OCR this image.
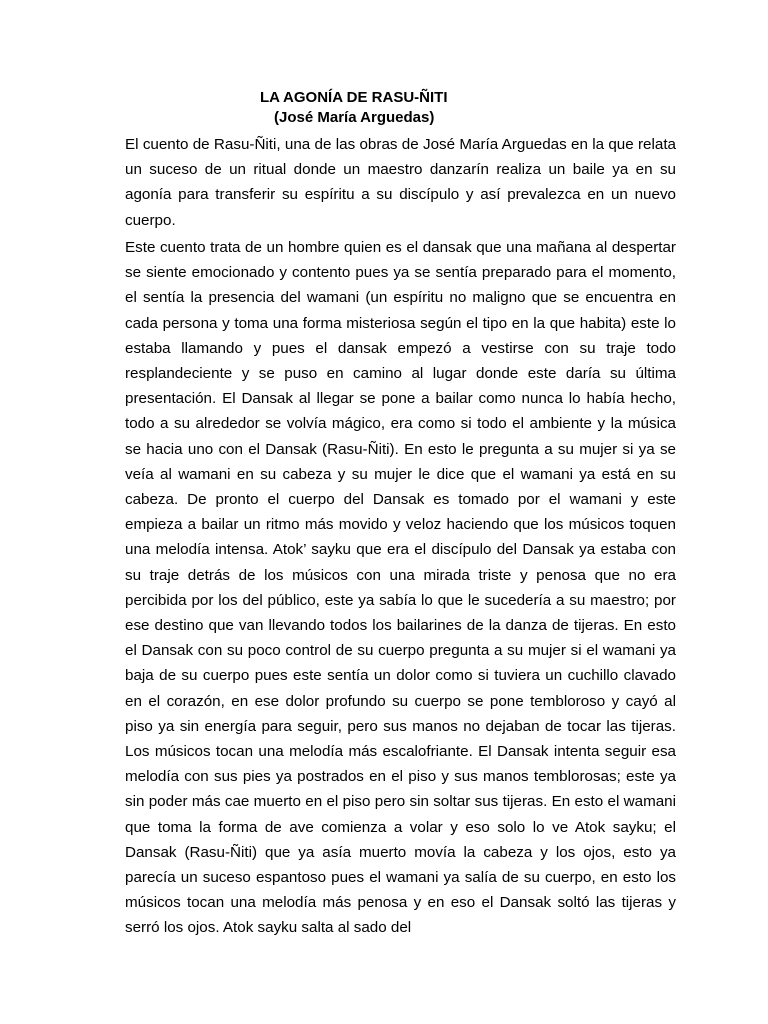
LA AGONÍA DE RASU-ÑITI
(José María Arguedas)

El cuento de Rasu-Ñiti, una de las obras de José María Arguedas en la que relata un suceso de un ritual donde un maestro danzarín realiza un baile ya en su agonía para transferir su espíritu a su discípulo y así prevalezca en un nuevo cuerpo.

Este cuento trata de un hombre quien es el dansak que una mañana al despertar se siente emocionado y contento pues ya se sentía preparado para el momento, el sentía la presencia del wamani (un espíritu no maligno que se encuentra en cada persona y toma una forma misteriosa según el tipo en la que habita) este lo estaba llamando y pues el dansak empezó a vestirse con su traje todo resplandeciente y se puso en camino al lugar donde este daría su última presentación. El Dansak al llegar se pone a bailar como nunca lo había hecho, todo a su alrededor se volvía mágico, era como si todo el ambiente y la música se hacia uno con el Dansak (Rasu-Ñiti). En esto le pregunta a su mujer si ya se veía al wamani en su cabeza y su mujer le dice que el wamani ya está en su cabeza. De pronto el cuerpo del Dansak es tomado por el wamani y este empieza a bailar un ritmo más movido y veloz haciendo que los músicos toquen una melodía intensa. Atok’ sayku que era el discípulo del Dansak ya estaba con su traje detrás de los músicos con una mirada triste y penosa que no era percibida por los del público, este ya sabía lo que le sucedería a su maestro; por ese destino que van llevando todos los bailarines de la danza de tijeras. En esto el Dansak con su poco control de su cuerpo pregunta a su mujer si el wamani ya baja de su cuerpo pues este sentía un dolor como si tuviera un cuchillo clavado en el corazón, en ese dolor profundo su cuerpo se pone tembloroso y cayó al piso ya sin energía para seguir, pero sus manos no dejaban de tocar las tijeras. Los músicos tocan una melodía más escalofriante. El Dansak intenta seguir esa melodía con sus pies ya postrados en el piso y sus manos temblorosas; este ya sin poder más cae muerto en el piso pero sin soltar sus tijeras. En esto el wamani que toma la forma de ave comienza a volar y eso solo lo ve Atok sayku; el Dansak (Rasu-Ñiti) que ya asía muerto movía la cabeza y los ojos, esto ya parecía un suceso espantoso pues el wamani ya salía de su cuerpo, en esto los músicos tocan una melodía más penosa y en eso el Dansak soltó las tijeras y serró los ojos. Atok sayku salta al sado del
